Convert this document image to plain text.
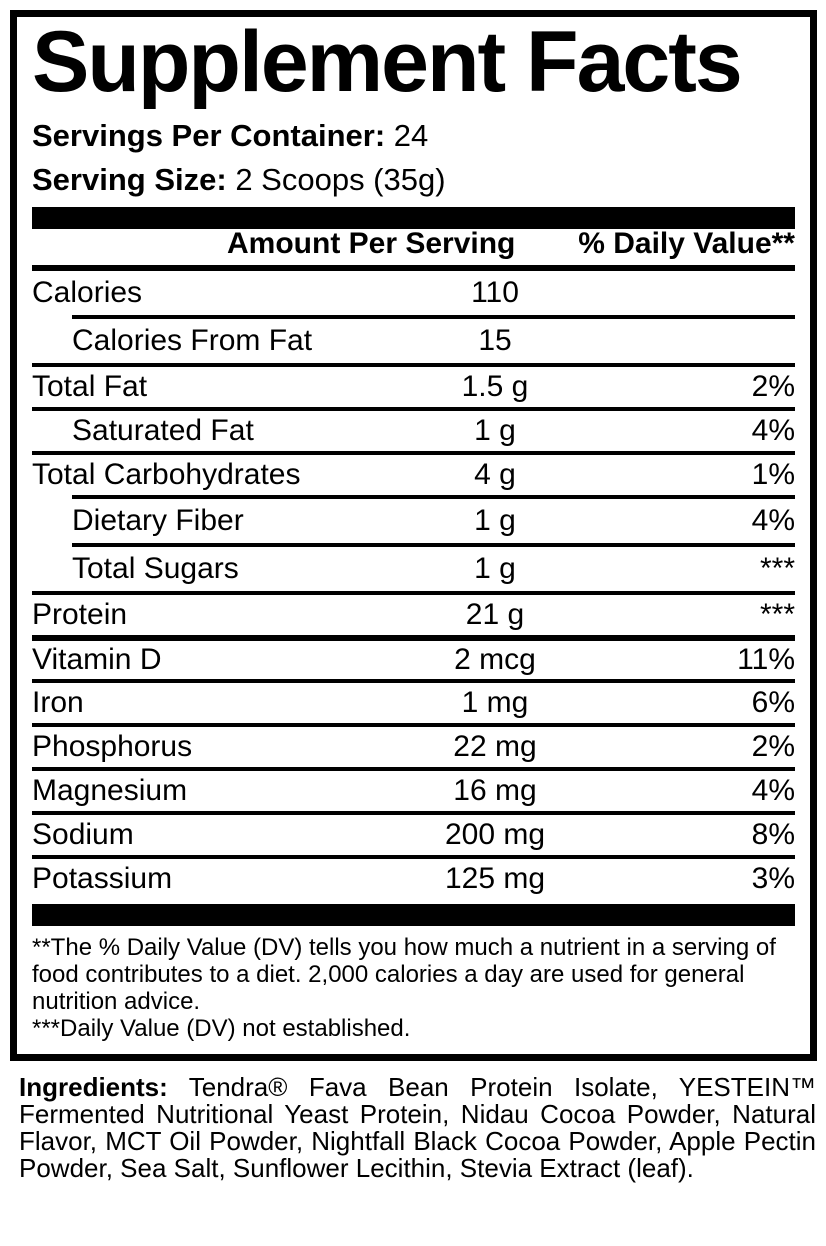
Supplement Facts
Servings Per Container: 24
Serving Size: 2 Scoops (35g)
Amount Per Serving % Daily Value**
Calories	110
Calories From Fat	15
Total Fat	1.5 g	2%
Saturated Fat	1 g	4%
Total Carbohydrates	4 g	1%
Dietary Fiber	1 g	4%
Total Sugars	1 g	***
Protein	21 g	***
Vitamin D	2 mcg	11%
Iron	1 mg	6%
Phosphorus	22 mg	2%
Magnesium	16 mg	4%
Sodium	200 mg	8%
Potassium	125 mg	3%

**The % Daily Value (DV) tells you how much a nutrient in a serving of food contributes to a diet. 2,000 calories a day are used for general nutrition advice.

***Daily Value (DV) not established.

Ingredients: Tendra® Fava Bean Protein Isolate, YESTEIN™ Fermented Nutritional Yeast Protein, Nidau Cocoa Powder, Natural Flavor, MCT Oil Powder, Nightfall Black Cocoa Powder, Apple Pectin Powder, Sea Salt, Sunflower Lecithin, Stevia Extract (leaf).
